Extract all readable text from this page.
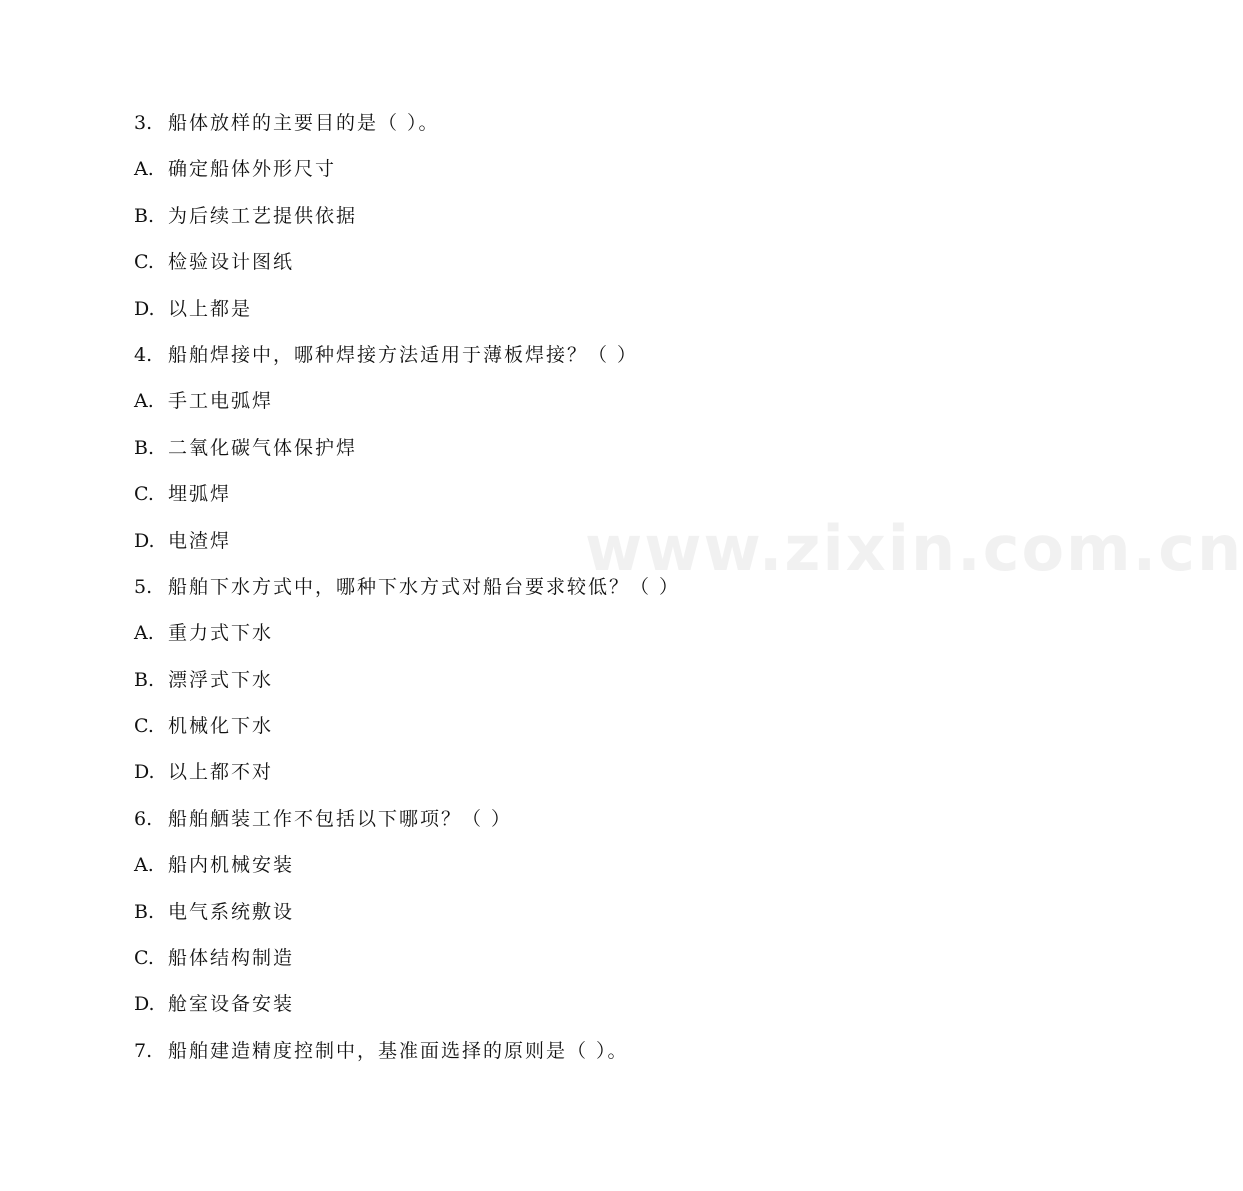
www.zixin.com.cn
3. 船体放样的主要目的是（ ）。
A. 确定船体外形尺寸
B. 为后续工艺提供依据
C. 检验设计图纸
D. 以上都是
4. 船舶焊接中，哪种焊接方法适用于薄板焊接？（ ）
A. 手工电弧焊
B. 二氧化碳气体保护焊
C. 埋弧焊
D. 电渣焊
5. 船舶下水方式中，哪种下水方式对船台要求较低？（ ）
A. 重力式下水
B. 漂浮式下水
C. 机械化下水
D. 以上都不对
6. 船舶舾装工作不包括以下哪项？（ ）
A. 船内机械安装
B. 电气系统敷设
C. 船体结构制造
D. 舱室设备安装
7. 船舶建造精度控制中，基准面选择的原则是（ ）。
